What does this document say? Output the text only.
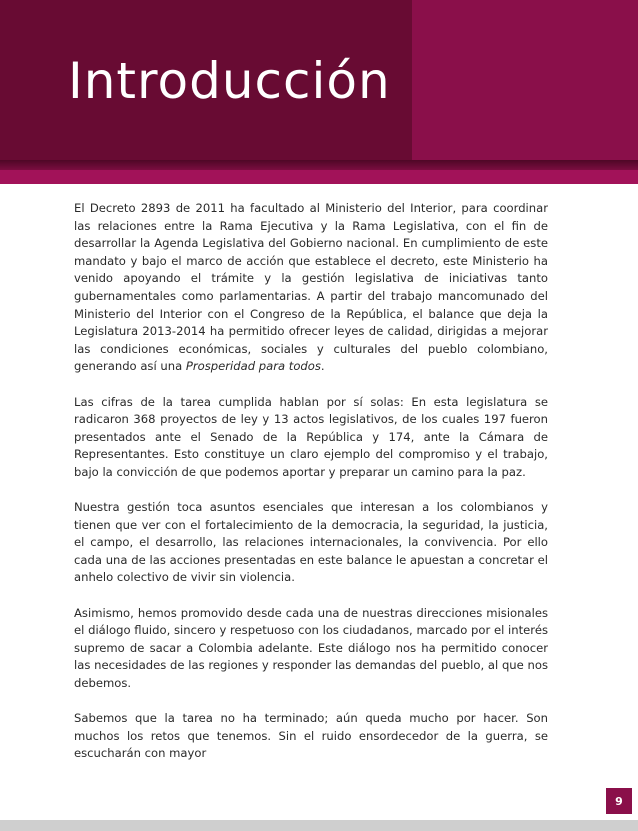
Introducción

El Decreto 2893 de 2011 ha facultado al Ministerio del Interior, para coordinar las relaciones entre la Rama Ejecutiva y la Rama Legislativa, con el fin de desarrollar la Agenda Legislativa del Gobierno nacional. En cumplimiento de este mandato y bajo el marco de acción que establece el decreto, este Ministerio ha venido apoyando el trámite y la gestión legislativa de iniciativas tanto gubernamentales como parlamentarias. A partir del trabajo mancomunado del Ministerio del Interior con el Congreso de la República, el balance que deja la Legislatura 2013-2014 ha permitido ofrecer leyes de calidad, dirigidas a mejorar las condiciones económicas, sociales y culturales del pueblo colombiano, generando así una Prosperidad para todos.

Las cifras de la tarea cumplida hablan por sí solas: En esta legislatura se radicaron 368 proyectos de ley y 13 actos legislativos, de los cuales 197 fueron presentados ante el Senado de la República y 174, ante la Cámara de Representantes. Esto constituye un claro ejemplo del compromiso y el trabajo, bajo la convicción de que podemos aportar y preparar un camino para la paz.

Nuestra gestión toca asuntos esenciales que interesan a los colombianos y tienen que ver con el fortalecimiento de la democracia, la seguridad, la justicia, el campo, el desarrollo, las relaciones internacionales, la convivencia. Por ello cada una de las acciones presentadas en este balance le apuestan a concretar el anhelo colectivo de vivir sin violencia.

Asimismo, hemos promovido desde cada una de nuestras direcciones misionales el diálogo fluido, sincero y respetuoso con los ciudadanos, marcado por el interés supremo de sacar a Colombia adelante. Este diálogo nos ha permitido conocer las necesidades de las regiones y responder las demandas del pueblo, al que nos debemos.

Sabemos que la tarea no ha terminado; aún queda mucho por hacer. Son muchos los retos que tenemos. Sin el ruido ensordecedor de la guerra, se escucharán con mayor

9
